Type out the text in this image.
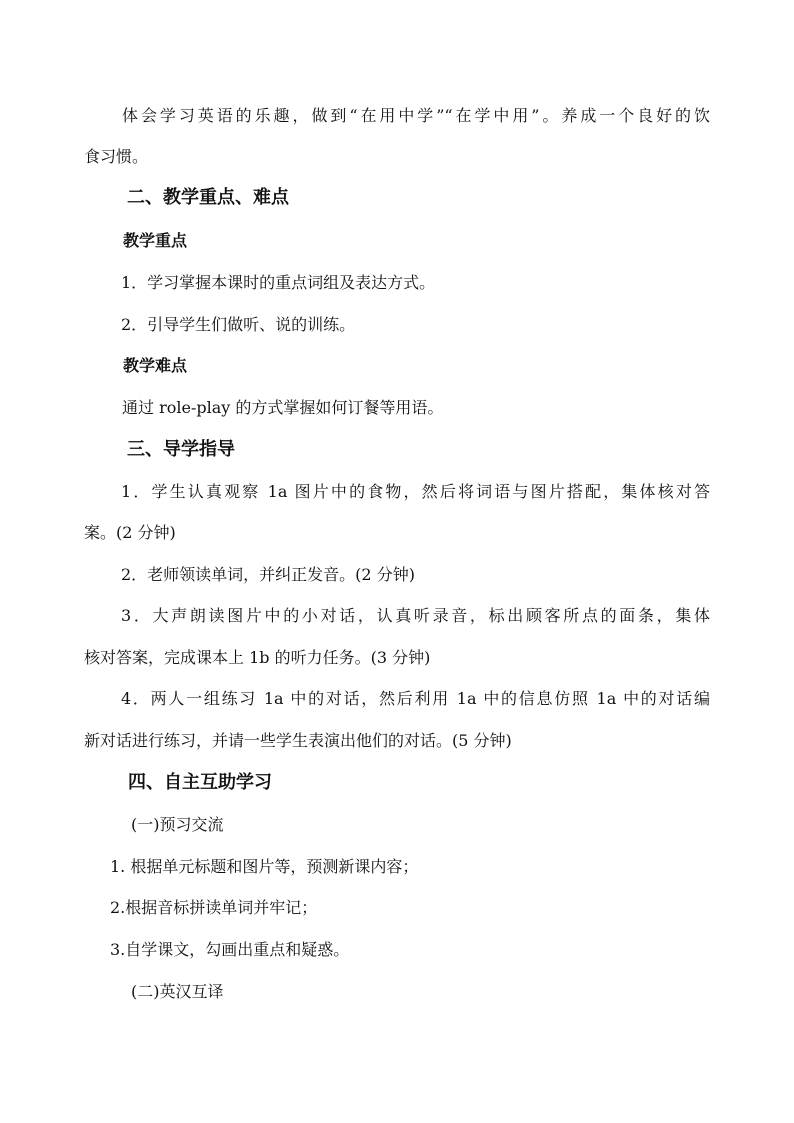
体会学习英语的乐趣，做到“在用中学”“在学中用”。养成一个良好的饮
食习惯。
二、教学重点、难点
教学重点
1．学习掌握本课时的重点词组及表达方式。
2．引导学生们做听、说的训练。
教学难点
通过 role-play 的方式掌握如何订餐等用语。
三、导学指导
1．学生认真观察 1a 图片中的食物，然后将词语与图片搭配，集体核对答
案。(2 分钟)
2．老师领读单词，并纠正发音。(2 分钟)
3．大声朗读图片中的小对话，认真听录音，标出顾客所点的面条，集体
核对答案，完成课本上 1b 的听力任务。(3 分钟)
4．两人一组练习 1a 中的对话，然后利用 1a 中的信息仿照 1a 中的对话编
新对话进行练习，并请一些学生表演出他们的对话。(5 分钟)
四、自主互助学习
(一)预习交流
1. 根据单元标题和图片等，预测新课内容；
2.根据音标拼读单词并牢记；
3.自学课文，勾画出重点和疑惑。
(二)英汉互译
